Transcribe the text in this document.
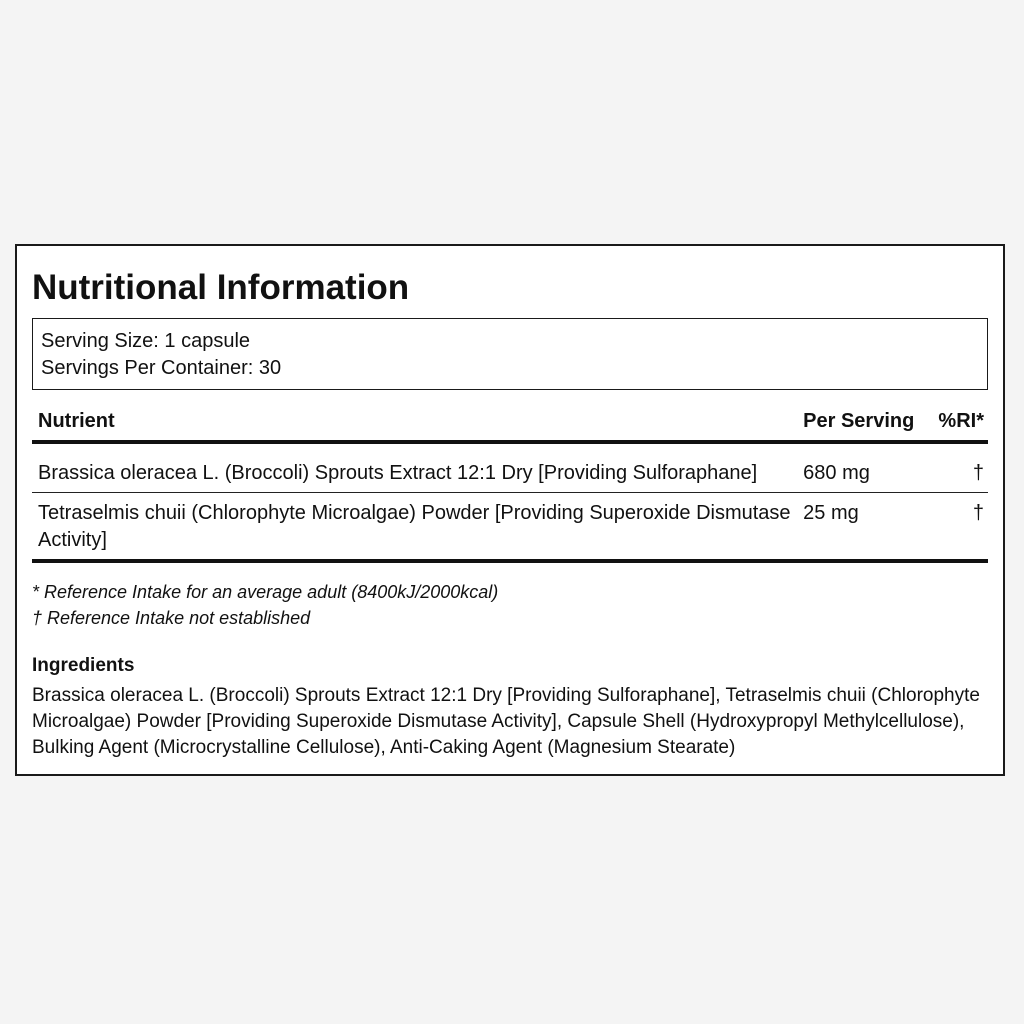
Nutritional Information
Serving Size: 1 capsule
Servings Per Container: 30
Nutrient	Per Serving	%RI*
Brassica oleracea L. (Broccoli) Sprouts Extract 12:1 Dry [Providing Sulforaphane]	680 mg	†
Tetraselmis chuii (Chlorophyte Microalgae) Powder [Providing Superoxide Dismutase Activity]	25 mg	†
* Reference Intake for an average adult (8400kJ/2000kcal)
† Reference Intake not established
Ingredients
Brassica oleracea L. (Broccoli) Sprouts Extract 12:1 Dry [Providing Sulforaphane], Tetraselmis chuii (Chlorophyte Microalgae) Powder [Providing Superoxide Dismutase Activity], Capsule Shell (Hydroxypropyl Methylcellulose), Bulking Agent (Microcrystalline Cellulose), Anti-Caking Agent (Magnesium Stearate)
